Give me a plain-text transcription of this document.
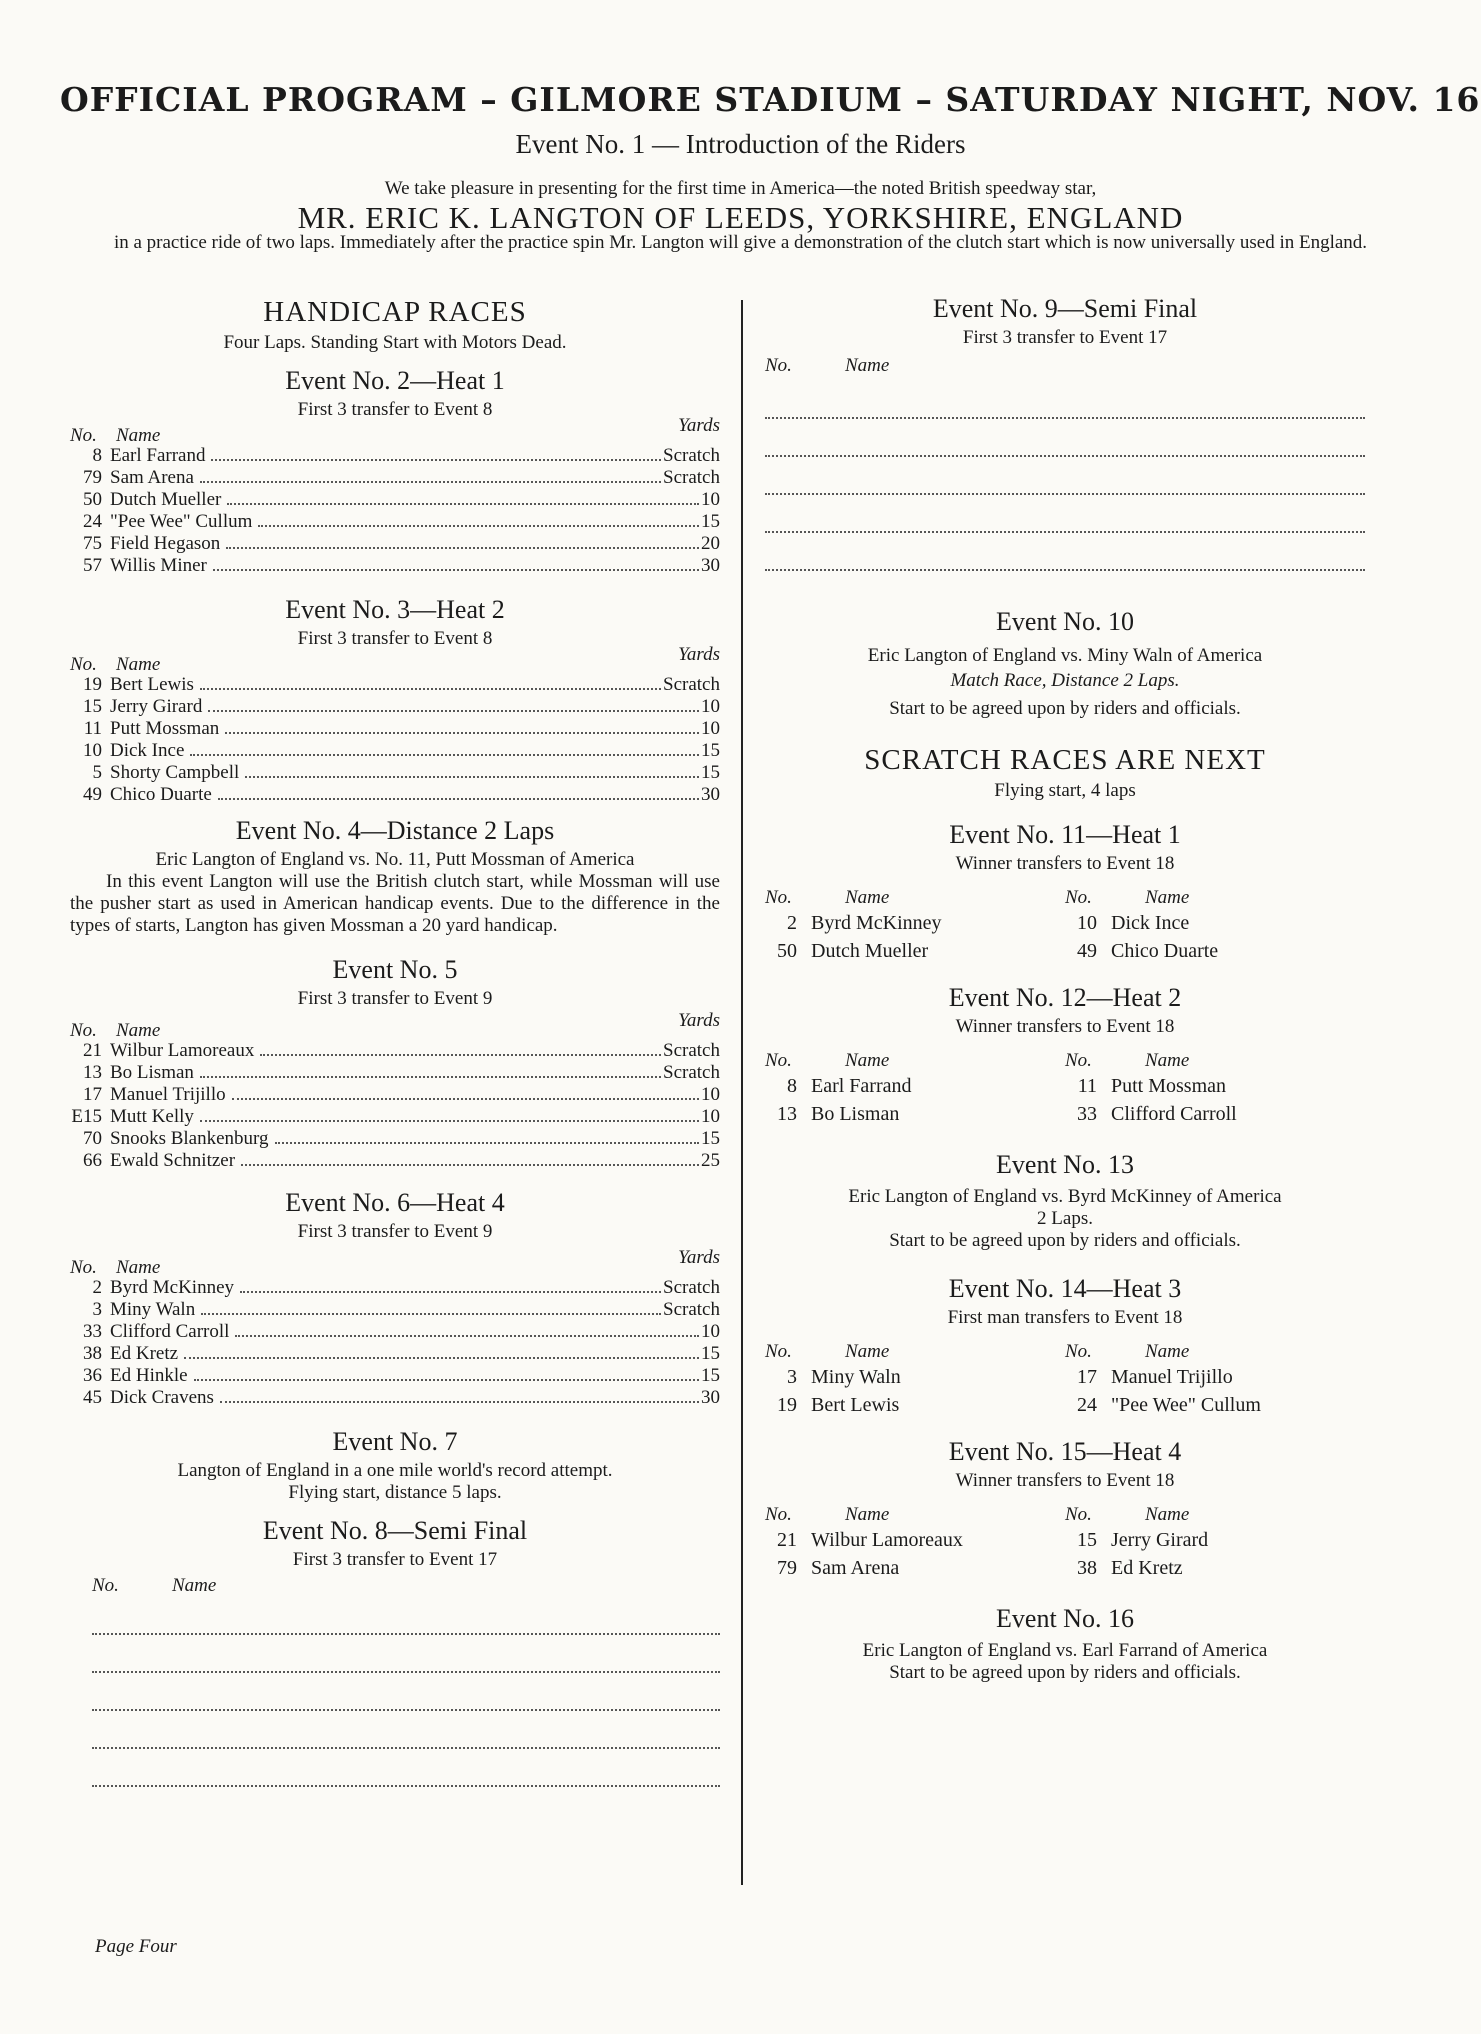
OFFICIAL PROGRAM – GILMORE STADIUM – SATURDAY NIGHT, NOV. 16
Event No. 1 — Introduction of the Riders
We take pleasure in presenting for the first time in America—the noted British speedway star,
MR. ERIC K. LANGTON OF LEEDS, YORKSHIRE, ENGLAND
in a practice ride of two laps. Immediately after the practice spin Mr. Langton will give a demonstration of the clutch start which is now universally used in England.
HANDICAP RACES
Four Laps. Standing Start with Motors Dead.
Event No. 2—Heat 1
First 3 transfer to Event 8
No.	Name	Yards
8 Earl Farrand	Scratch
79 Sam Arena	Scratch
50 Dutch Mueller	10
24 "Pee Wee" Cullum	15
75 Field Hegason	20
57 Willis Miner	30
Event No. 3—Heat 2
First 3 transfer to Event 8
No.	Name	Yards
19 Bert Lewis	Scratch
15 Jerry Girard	10
11 Putt Mossman	10
10 Dick Ince	15
5 Shorty Campbell	15
49 Chico Duarte	30
Event No. 4—Distance 2 Laps
Eric Langton of England vs. No. 11, Putt Mossman of America
In this event Langton will use the British clutch start, while Mossman will use the pusher start as used in American handicap events. Due to the difference in the types of starts, Langton has given Mossman a 20 yard handicap.
Event No. 5
First 3 transfer to Event 9
No.	Name	Yards
21 Wilbur Lamoreaux	Scratch
13 Bo Lisman	Scratch
17 Manuel Trijillo	10
E15 Mutt Kelly	10
70 Snooks Blankenburg	15
66 Ewald Schnitzer	25
Event No. 6—Heat 4
First 3 transfer to Event 9
No.	Name	Yards
2 Byrd McKinney	Scratch
3 Miny Waln	Scratch
33 Clifford Carroll	10
38 Ed Kretz	15
36 Ed Hinkle	15
45 Dick Cravens	30
Event No. 7
Langton of England in a one mile world's record attempt.
Flying start, distance 5 laps.
Event No. 8—Semi Final
First 3 transfer to Event 17
No.	Name
Event No. 9—Semi Final
First 3 transfer to Event 17
No.	Name
Event No. 10
Eric Langton of England vs. Miny Waln of America
Match Race, Distance 2 Laps.
Start to be agreed upon by riders and officials.
SCRATCH RACES ARE NEXT
Flying start, 4 laps
Event No. 11—Heat 1
Winner transfers to Event 18
No.	Name	No.	Name
2 Byrd McKinney	10 Dick Ince
50 Dutch Mueller	49 Chico Duarte
Event No. 12—Heat 2
Winner transfers to Event 18
No.	Name	No.	Name
8 Earl Farrand	11 Putt Mossman
13 Bo Lisman	33 Clifford Carroll
Event No. 13
Eric Langton of England vs. Byrd McKinney of America
2 Laps.
Start to be agreed upon by riders and officials.
Event No. 14—Heat 3
First man transfers to Event 18
No.	Name	No.	Name
3 Miny Waln	17 Manuel Trijillo
19 Bert Lewis	24 "Pee Wee" Cullum
Event No. 15—Heat 4
Winner transfers to Event 18
No.	Name	No.	Name
21 Wilbur Lamoreaux	15 Jerry Girard
79 Sam Arena	38 Ed Kretz
Event No. 16
Eric Langton of England vs. Earl Farrand of America
Start to be agreed upon by riders and officials.
Page Four
